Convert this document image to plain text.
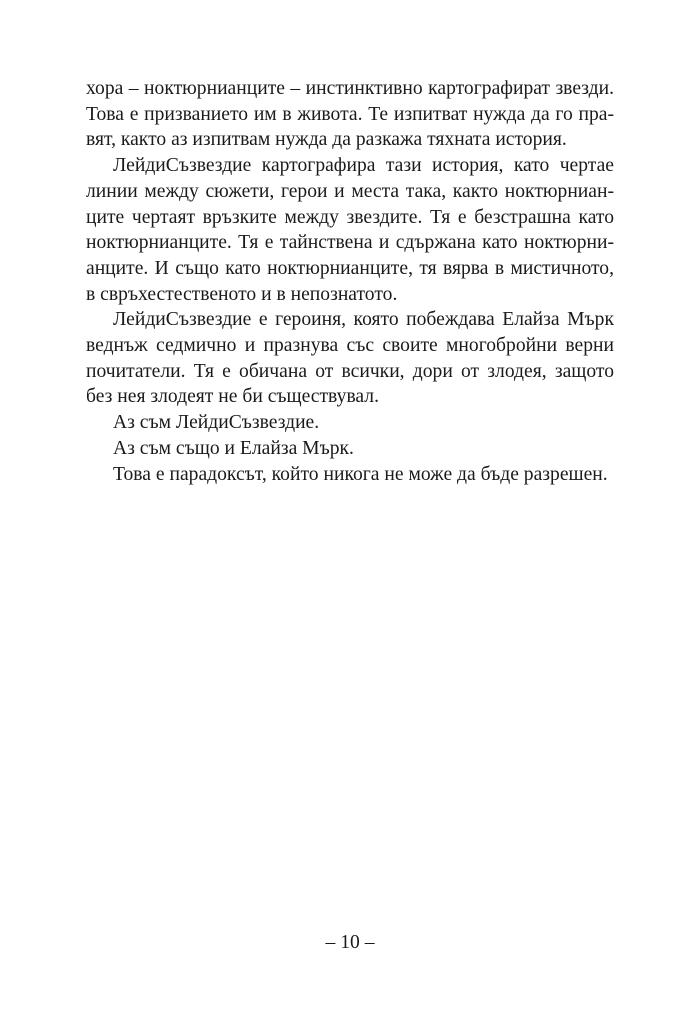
хора – ноктюрнианците – инстинктивно картографират звезди.
Това е призванието им в живота. Те изпитват нужда да го пра-
вят, както аз изпитвам нужда да разкажа тяхната история.
ЛейдиСъзвездие картографира тази история, като чертае
линии между сюжети, герои и места така, както ноктюрниан-
ците чертаят връзките между звездите. Тя е безстрашна като
ноктюрнианците. Тя е тайнствена и сдържана като ноктюрни-
анците. И също като ноктюрнианците, тя вярва в мистичното,
в свръхестественото и в непознатото.
ЛейдиСъзвездие е героиня, която побеждава Елайза Мърк
веднъж седмично и празнува със своите многобройни верни
почитатели. Тя е обичана от всички, дори от злодея, защото
без нея злодеят не би съществувал.
Аз съм ЛейдиСъзвездие.
Аз съм също и Елайза Мърк.
Това е парадоксът, който никога не може да бъде разрешен.
– 10 –
